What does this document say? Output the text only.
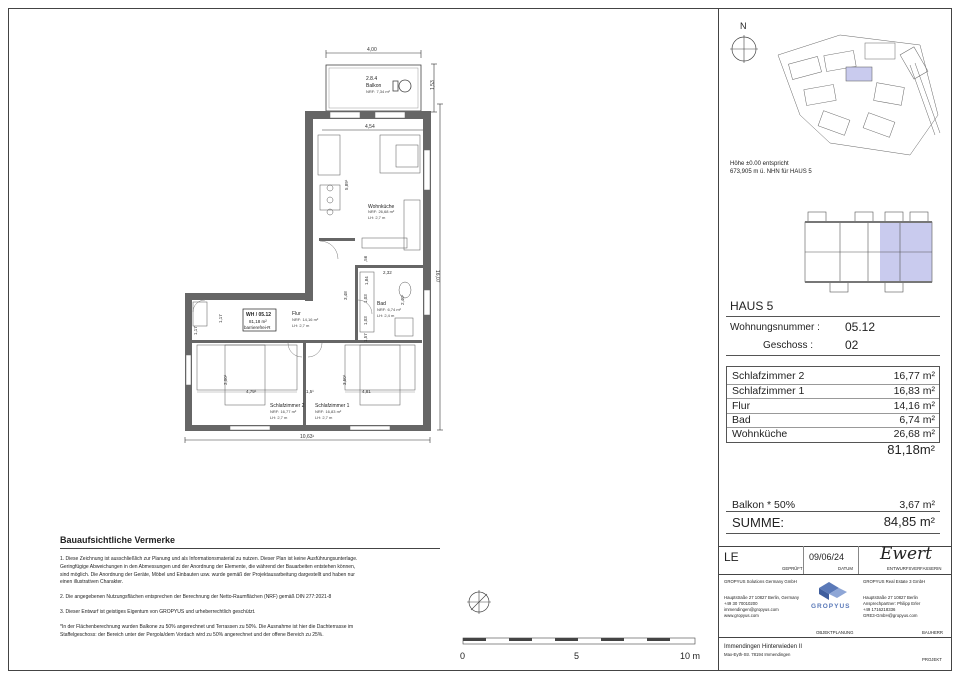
4,00
1,53
16,07
4,54
10,63¹
2.8.4
Balkon
NRF: 7,34 m²
5,89¹
Wohnküche
NRF: 26,68 m²
LH: 2,7 m
,56
2,32
1,84
1,03	2,40¹
3,48
1,03
1,57
Bad
NRF: 6,74 m²
LH: 2,4 m
WH / 05.12
81,18 m²
barrierefrei-R
Flur
NRF: 14,16 m²
LH: 2,7 m
1,17
1,17
3,00¹	3,50¹
4,79¹	1,5¹	4,81
Schlafzimmer 2
NRF: 16,77 m²
LH: 2,7 m
Schlafzimmer 1
NRF: 16,83 m²
LH: 2,7 m
Bauaufsichtliche Vermerke
1. Diese Zeichnung ist ausschließlich zur Planung und als Informationsmaterial zu nutzen. Dieser Plan ist keine Ausführungsunterlage.
Geringfügige Abweichungen in den Abmessungen und der Anordnung der Elemente, die während der Bauarbeiten entstehen können,
sind möglich. Die Anordnung der Geräte, Möbel und Einbauten usw. wurde gemäß der Projektausarbeitung dargestellt und haben nur
einen illustrativen Charakter.
2. Die angegebenen Nutzungsflächen entsprechen der Berechnung der Netto-Raumflächen (NRF) gemäß DIN 277:2021-8
3. Dieser Entwurf ist geistiges Eigentum von GROPYUS und urheberrechtlich geschützt.
*In der Flächenberechnung wurden Balkone zu 50% angerechnet und Terrassen zu 50%. Die Ausnahme ist hier die Dachterrasse im
Staffelgeschoss: der Bereich unter der Pergola/dem Vordach wird zu 50% angerechnet und der offene Bereich zu 25%.
0	5	10 m
N
Höhe ±0.00 entspricht
673,905 m ü. NHN für HAUS 5
HAUS 5
Wohnungsnummer : 05.12
Geschoss :	02
Schlafzimmer 2	16,77 m²
Schlafzimmer 1	16,83 m²
Flur	14,16 m²
Bad	6,74 m²
Wohnküche	26,68 m²
81,18m²
Balkon * 50%	3,67 m²
SUMME:	84,85 m²
LE
GEPRÜFT
09/06/24
DATUM
Ewert
ENTWURFSVERFASSERIN
GROPYUS Solutions Germany GmbH
Hauptstraße 27 10827 Berlin, Germany
+49 30 70010200
immendingen@gropyus.com
www.gropyus.com
GROPYUS
OBJEKTPLANUNG
GROPYUS Real Estate 3 GmbH
Hauptstraße 27 10827 Berlin
Ansprechpartner: Philipp Erler
+49 1716218336
GRE3-GmbH@gropyus.com
BAUHERR
Immendingen Hinterwieden II
Max-Eyth-Str. 78194 Immendingen
PROJEKT
